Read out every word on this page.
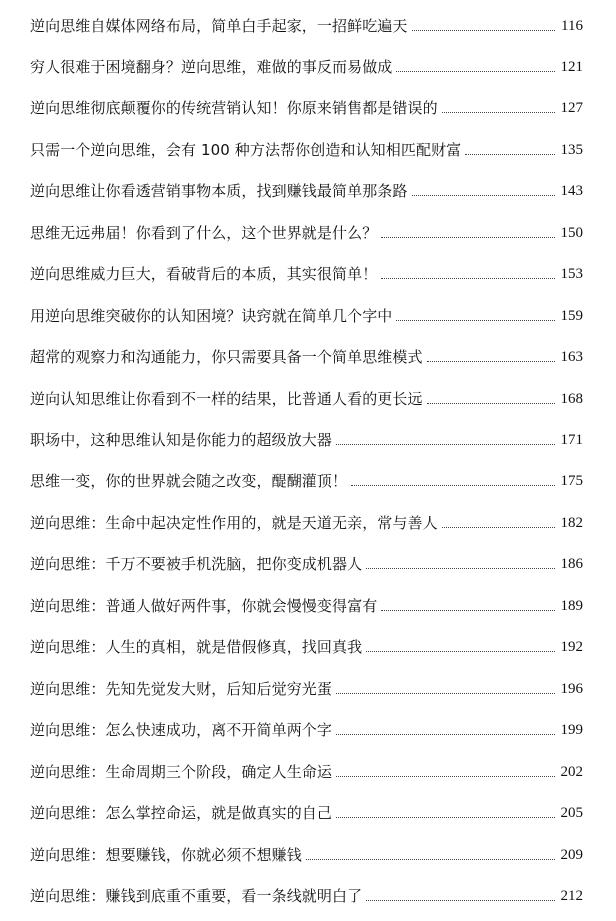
逆向思维自媒体网络布局，简单白手起家，一招鲜吃遍天	116
穷人很难于困境翻身？逆向思维，难做的事反而易做成	121
逆向思维彻底颠覆你的传统营销认知！你原来销售都是错误的	127
只需一个逆向思维，会有 100 种方法帮你创造和认知相匹配财富	135
逆向思维让你看透营销事物本质，找到赚钱最简单那条路	143
思维无远弗届！你看到了什么，这个世界就是什么？	150
逆向思维威力巨大，看破背后的本质，其实很简单！	153
用逆向思维突破你的认知困境？诀窍就在简单几个字中	159
超常的观察力和沟通能力，你只需要具备一个简单思维模式	163
逆向认知思维让你看到不一样的结果，比普通人看的更长远	168
职场中，这种思维认知是你能力的超级放大器	171
思维一变，你的世界就会随之改变，醍醐灌顶！	175
逆向思维：生命中起决定性作用的，就是天道无亲，常与善人	182
逆向思维：千万不要被手机洗脑，把你变成机器人	186
逆向思维：普通人做好两件事，你就会慢慢变得富有	189
逆向思维：人生的真相，就是借假修真，找回真我	192
逆向思维：先知先觉发大财，后知后觉穷光蛋	196
逆向思维：怎么快速成功，离不开简单两个字	199
逆向思维：生命周期三个阶段，确定人生命运	202
逆向思维：怎么掌控命运，就是做真实的自己	205
逆向思维：想要赚钱，你就必须不想赚钱	209
逆向思维：赚钱到底重不重要，看一条线就明白了	212
